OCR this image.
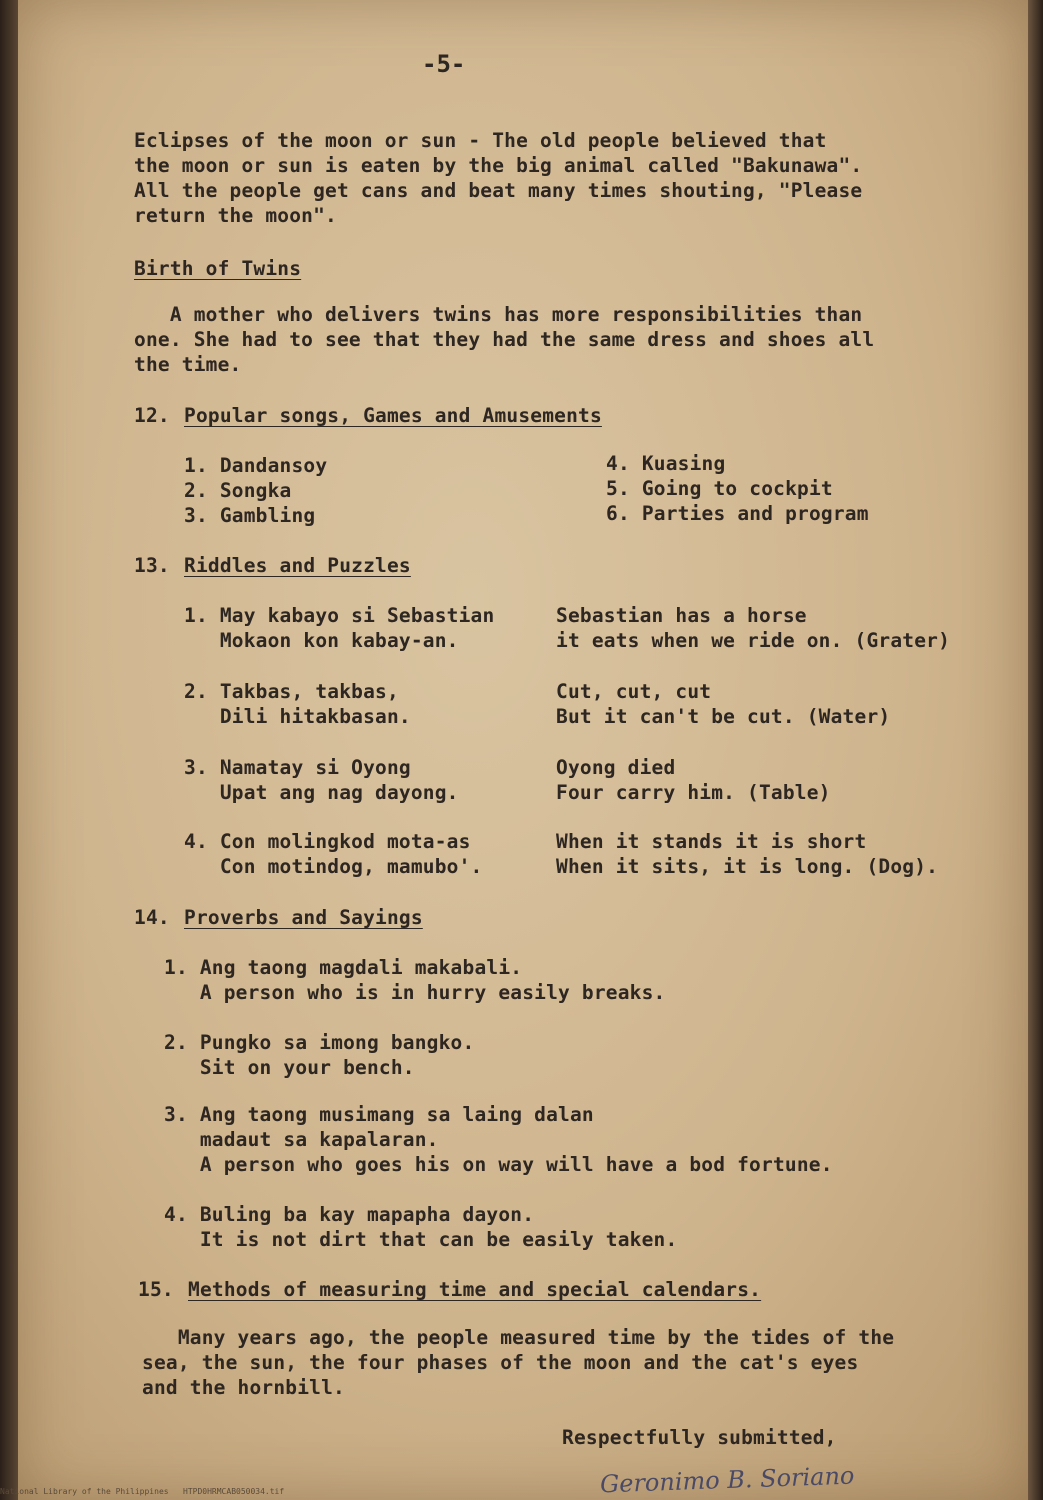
-5-
Eclipses of the moon or sun - The old people believed that
the moon or sun is eaten by the big animal called "Bakunawa".
All the people get cans and beat many times shouting, "Please
return the moon".
Birth of Twins
A mother who delivers twins has more responsibilities than
one. She had to see that they had the same dress and shoes all
the time.
12. Popular songs, Games and Amusements
1. Dandansoy
2. Songka
3. Gambling
4. Kuasing
5. Going to cockpit
6. Parties and program
13. Riddles and Puzzles
1. May kabayo si Sebastian
Mokaon kon kabay-an.
Sebastian has a horse
it eats when we ride on. (Grater)
2. Takbas, takbas,
Dili hitakbasan.
Cut, cut, cut
But it can't be cut. (Water)
3. Namatay si Oyong
Upat ang nag dayong.
Oyong died
Four carry him. (Table)
4. Con molingkod mota-as
Con motindog, mamubo'.
When it stands it is short
When it sits, it is long. (Dog).
14. Proverbs and Sayings
1. Ang taong magdali makabali.
A person who is in hurry easily breaks.
2. Pungko sa imong bangko.
Sit on your bench.
3. Ang taong musimang sa laing dalan
madaut sa kapalaran.
A person who goes his on way will have a bod fortune.
4. Buling ba kay mapapha dayon.
It is not dirt that can be easily taken.
15. Methods of measuring time and special calendars.
Many years ago, the people measured time by the tides of the
sea, the sun, the four phases of the moon and the cat's eyes
and the hornbill.
Respectfully submitted,
Geronimo B. Soriano
National Library of the Philippines   HTPD0HRMCAB050034.tif
